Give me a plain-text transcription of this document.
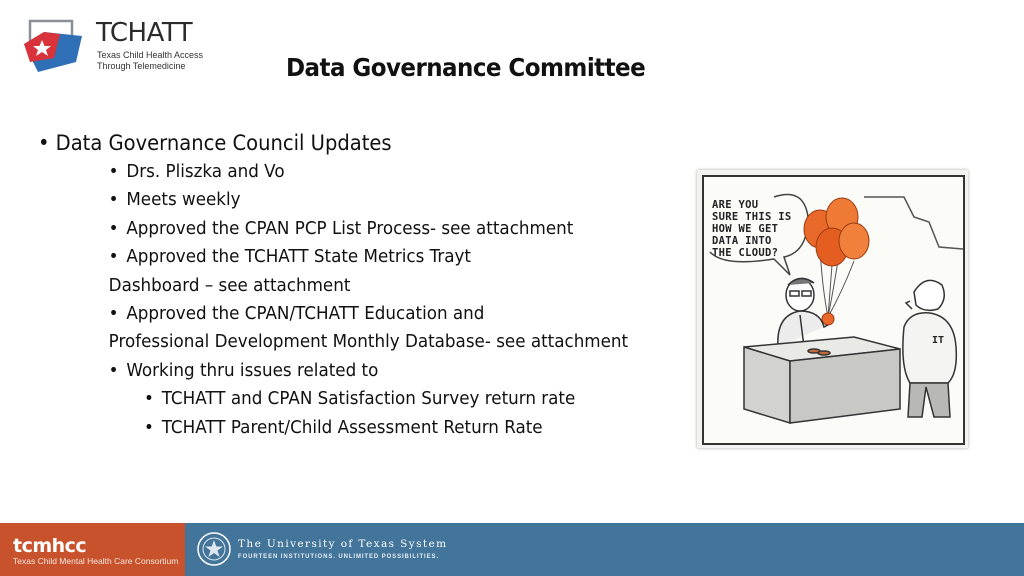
TCHATT
Texas Child Health Access
Through Telemedicine	Data Governance Committee
• Data Governance Council Updates
• Drs. Pliszka and Vo
• Meets weekly
• Approved the CPAN PCP List Process- see attachment
• Approved the TCHATT State Metrics Trayt
Dashboard – see attachment
• Approved the CPAN/TCHATT Education and
Professional Development Monthly Database- see attachment
• Working thru issues related to
• TCHATT and CPAN Satisfaction Survey return rate
• TCHATT Parent/Child Assessment Return Rate
ARE YOU
SURE THIS IS
HOW WE GET
DATA INTO
THE CLOUD?
IT
tcmhcc
Texas Child Mental Health Care Consortium
The University of Texas System
FOURTEEN INSTITUTIONS. UNLIMITED POSSIBILITIES.
